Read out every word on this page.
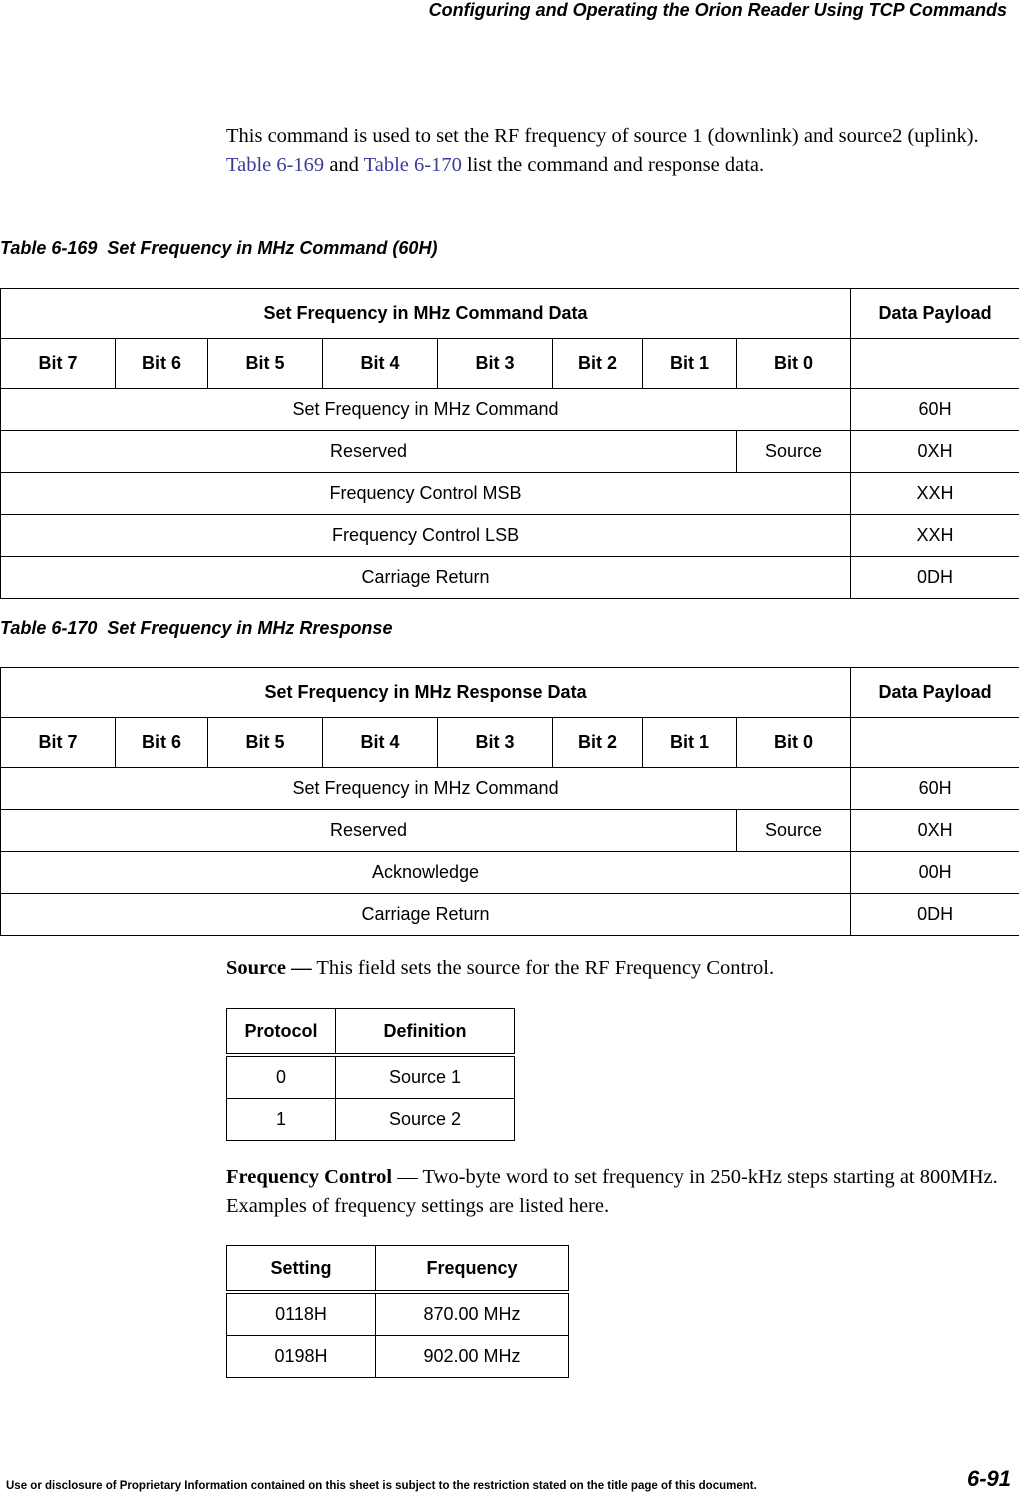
Configuring and Operating the Orion Reader Using TCP Commands
This command is used to set the RF frequency of source 1 (downlink) and source2 (uplink). Table 6-169 and Table 6-170 list the command and response data.
Table 6-169  Set Frequency in MHz Command (60H)
Set Frequency in MHz Command Data								Data Payload
Bit 7	Bit 6	Bit 5	Bit 4	Bit 3	Bit 2	Bit 1	Bit 0	
Set Frequency in MHz Command								60H
Reserved							Source	0XH
Frequency Control MSB								XXH
Frequency Control LSB								XXH
Carriage Return								0DH
Table 6-170  Set Frequency in MHz Rresponse
Set Frequency in MHz Response Data								Data Payload
Bit 7	Bit 6	Bit 5	Bit 4	Bit 3	Bit 2	Bit 1	Bit 0	
Set Frequency in MHz Command								60H
Reserved							Source	0XH
Acknowledge								00H
Carriage Return								0DH
Source — This field sets the source for the RF Frequency Control.
Protocol	Definition
0	Source 1
1	Source 2
Frequency Control — Two-byte word to set frequency in 250-kHz steps starting at 800MHz. Examples of frequency settings are listed here.
Setting	Frequency
0118H	870.00 MHz
0198H	902.00 MHz
Use or disclosure of Proprietary Information contained on this sheet is subject to the restriction stated on the title page of this document.	6-91
